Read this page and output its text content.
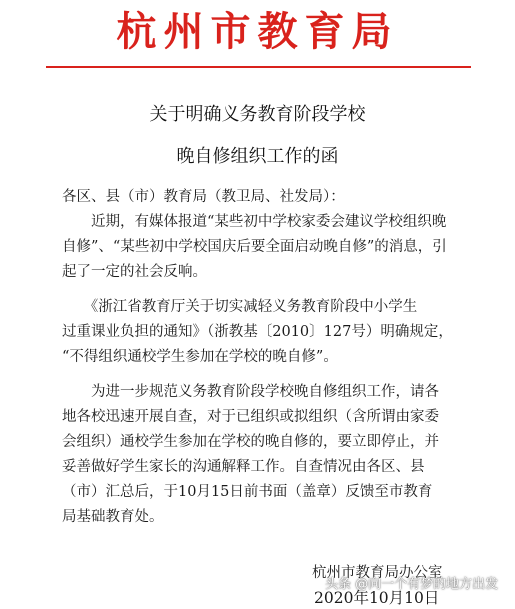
杭州市教育局
关于明确义务教育阶段学校
晚自修组织工作的函
各区、县（市）教育局（教卫局、社发局）：
　　近期，有媒体报道“某些初中学校家委会建议学校组织晚
自修”、“某些初中学校国庆后要全面启动晚自修”的消息，引
起了一定的社会反响。
　　《浙江省教育厅关于切实减轻义务教育阶段中小学生
过重课业负担的通知》（浙教基〔2010〕127号）明确规定，
“不得组织通校学生参加在学校的晚自修”。
　　为进一步规范义务教育阶段学校晚自修组织工作，请各
地各校迅速开展自查，对于已组织或拟组织（含所谓由家委
会组织）通校学生参加在学校的晚自修的，要立即停止，并
妥善做好学生家长的沟通解释工作。自查情况由各区、县
（市）汇总后，于10月15日前书面（盖章）反馈至市教育
局基础教育处。
杭州市教育局办公室
2020年10月10日
头条 @向一个有梦的地方出发
